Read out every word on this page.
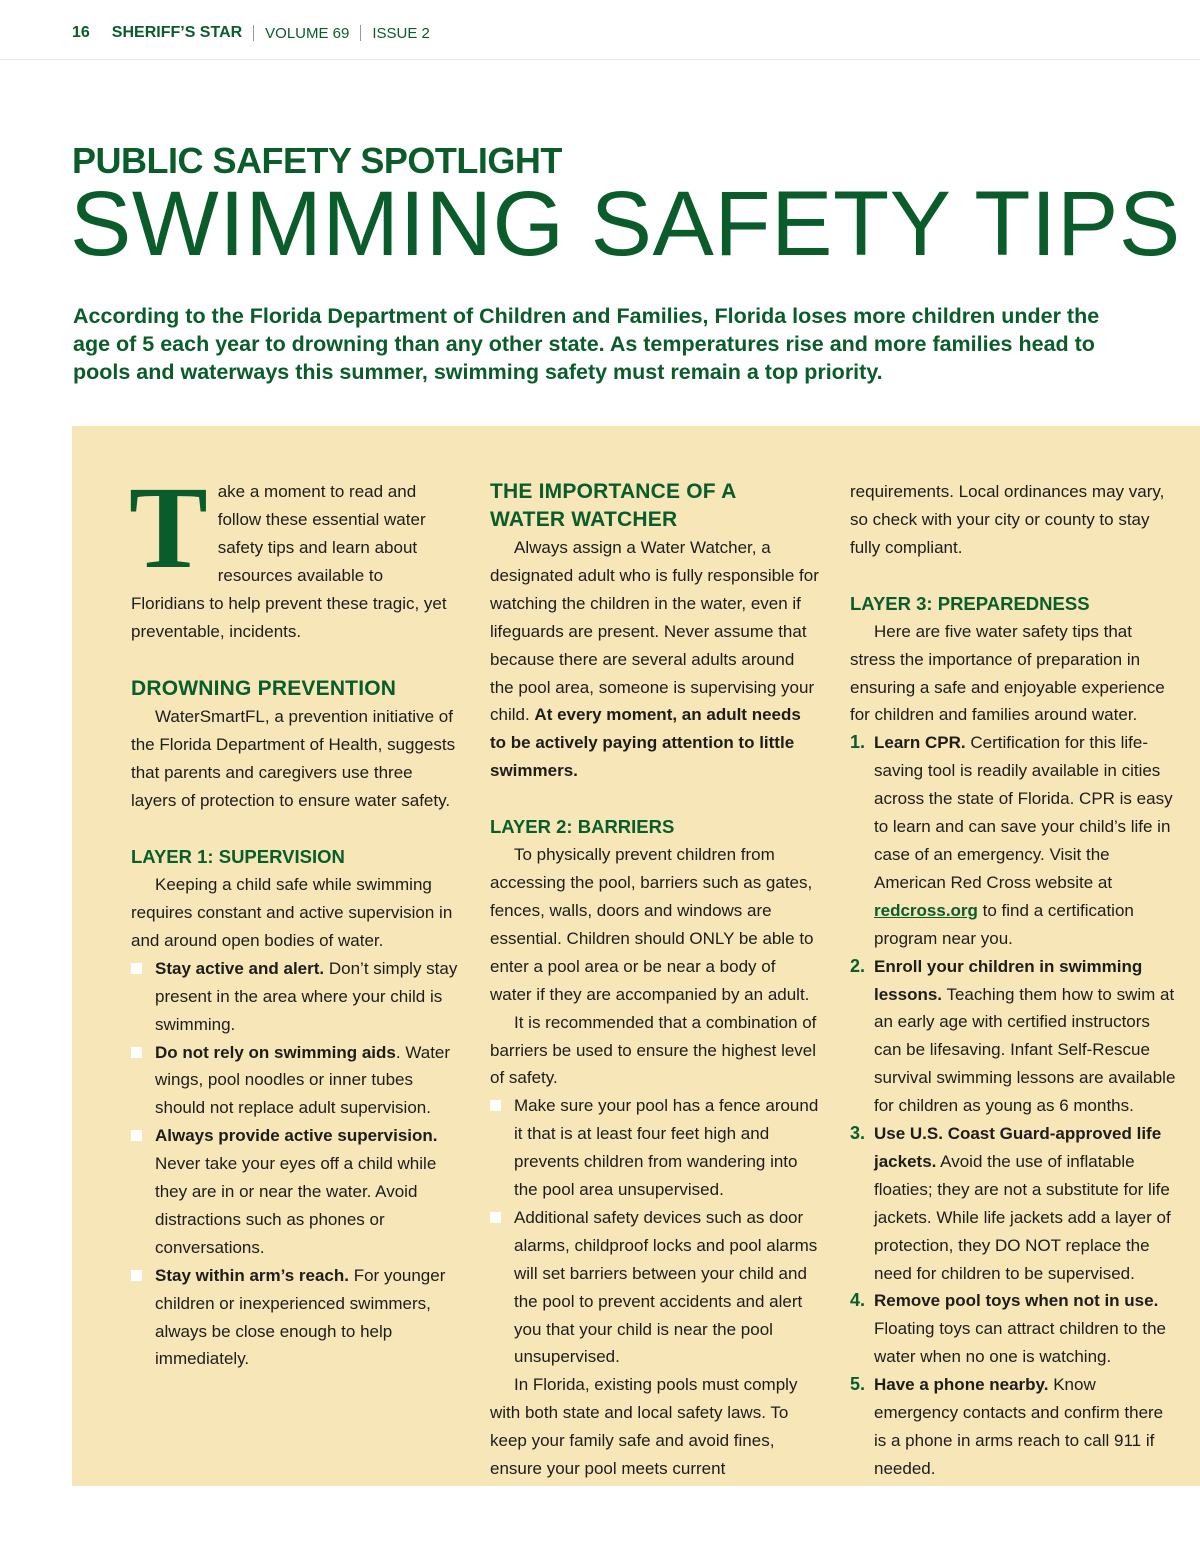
16 SHERIFF’S STAR VOLUME 69 ISSUE 2
PUBLIC SAFETY SPOTLIGHT
SWIMMING SAFETY TIPS

According to the Florida Department of Children and Families, Florida loses more children under the age of 5 each year to drowning than any other state. As temperatures rise and more families head to pools and waterways this summer, swimming safety must remain a top priority.

T ake a moment to read and follow these essential water safety tips and learn about resources available to Floridians to help prevent these tragic, yet preventable, incidents.
DROWNING PREVENTION

WaterSmartFL, a prevention initiative of the Florida Department of Health, suggests that parents and caregivers use three layers of protection to ensure water safety.

LAYER 1: SUPERVISION

Keeping a child safe while swimming requires constant and active supervision in and around open bodies of water.

Stay active and alert. Don’t simply stay present in the area where your child is swimming.
Do not rely on swimming aids. Water wings, pool noodles or inner tubes should not replace adult supervision.
Always provide active supervision. Never take your eyes off a child while they are in or near the water. Avoid distractions such as phones or conversations.
Stay within arm’s reach. For younger children or inexperienced swimmers, always be close enough to help immediately.
THE IMPORTANCE OF A
WATER WATCHER

Always assign a Water Watcher, a designated adult who is fully responsible for watching the children in the water, even if lifeguards are present. Never assume that because there are several adults around the pool area, someone is supervising your child. At every moment, an adult needs to be actively paying attention to little swimmers.

LAYER 2: BARRIERS

To physically prevent children from accessing the pool, barriers such as gates, fences, walls, doors and windows are essential. Children should ONLY be able to enter a pool area or be near a body of water if they are accompanied by an adult.

It is recommended that a combination of barriers be used to ensure the highest level of safety.

Make sure your pool has a fence around it that is at least four feet high and prevents children from wandering into the pool area unsupervised.
Additional safety devices such as door alarms, childproof locks and pool alarms will set barriers between your child and the pool to prevent accidents and alert you that your child is near the pool unsupervised.

In Florida, existing pools must comply with both state and local safety laws. To keep your family safe and avoid fines, ensure your pool meets current

requirements. Local ordinances may vary, so check with your city or county to stay fully compliant.

LAYER 3: PREPAREDNESS

Here are five water safety tips that stress the importance of preparation in ensuring a safe and enjoyable experience for children and families around water.

1. Learn CPR. Certification for this life-saving tool is readily available in cities across the state of Florida. CPR is easy to learn and can save your child’s life in case of an emergency. Visit the American Red Cross website at redcross.org to find a certification program near you.
2. Enroll your children in swimming lessons. Teaching them how to swim at an early age with certified instructors can be lifesaving. Infant Self-Rescue survival swimming lessons are available for children as young as 6 months.
3. Use U.S. Coast Guard-approved life jackets. Avoid the use of inflatable floaties; they are not a substitute for life jackets. While life jackets add a layer of protection, they DO NOT replace the need for children to be supervised.
4. Remove pool toys when not in use. Floating toys can attract children to the water when no one is watching.
5. Have a phone nearby. Know emergency contacts and confirm there is a phone in arms reach to call 911 if needed.
